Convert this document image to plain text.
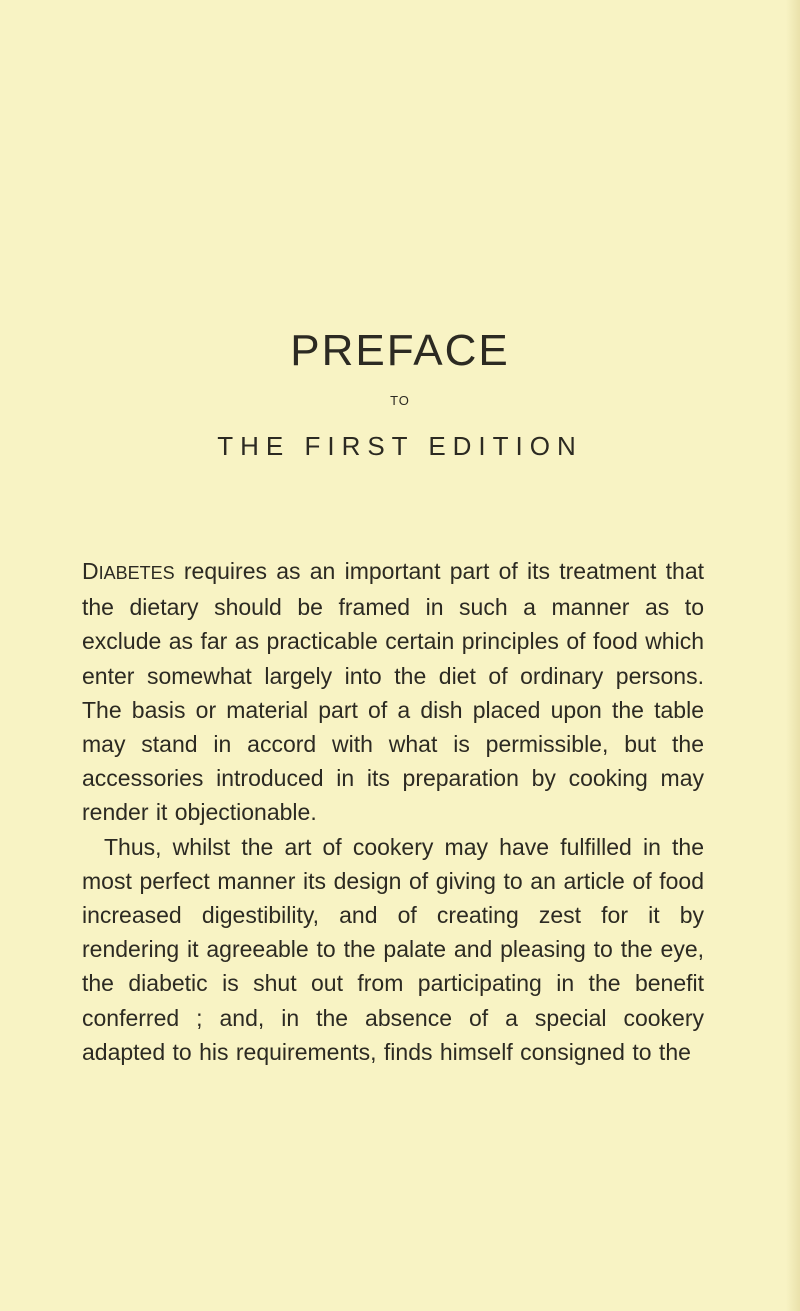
PREFACE
TO
THE FIRST EDITION

DIABETES requires as an important part of its treatment that the dietary should be framed in such a manner as to exclude as far as practicable certain principles of food which enter somewhat largely into the diet of ordinary persons. The basis or material part of a dish placed upon the table may stand in accord with what is permissible, but the accessories introduced in its preparation by cooking may render it objectionable.

Thus, whilst the art of cookery may have fulfilled in the most perfect manner its design of giving to an article of food increased digestibility, and of creating zest for it by rendering it agreeable to the palate and pleasing to the eye, the diabetic is shut out from participating in the benefit conferred ; and, in the absence of a special cookery adapted to his requirements, finds himself consigned to the
